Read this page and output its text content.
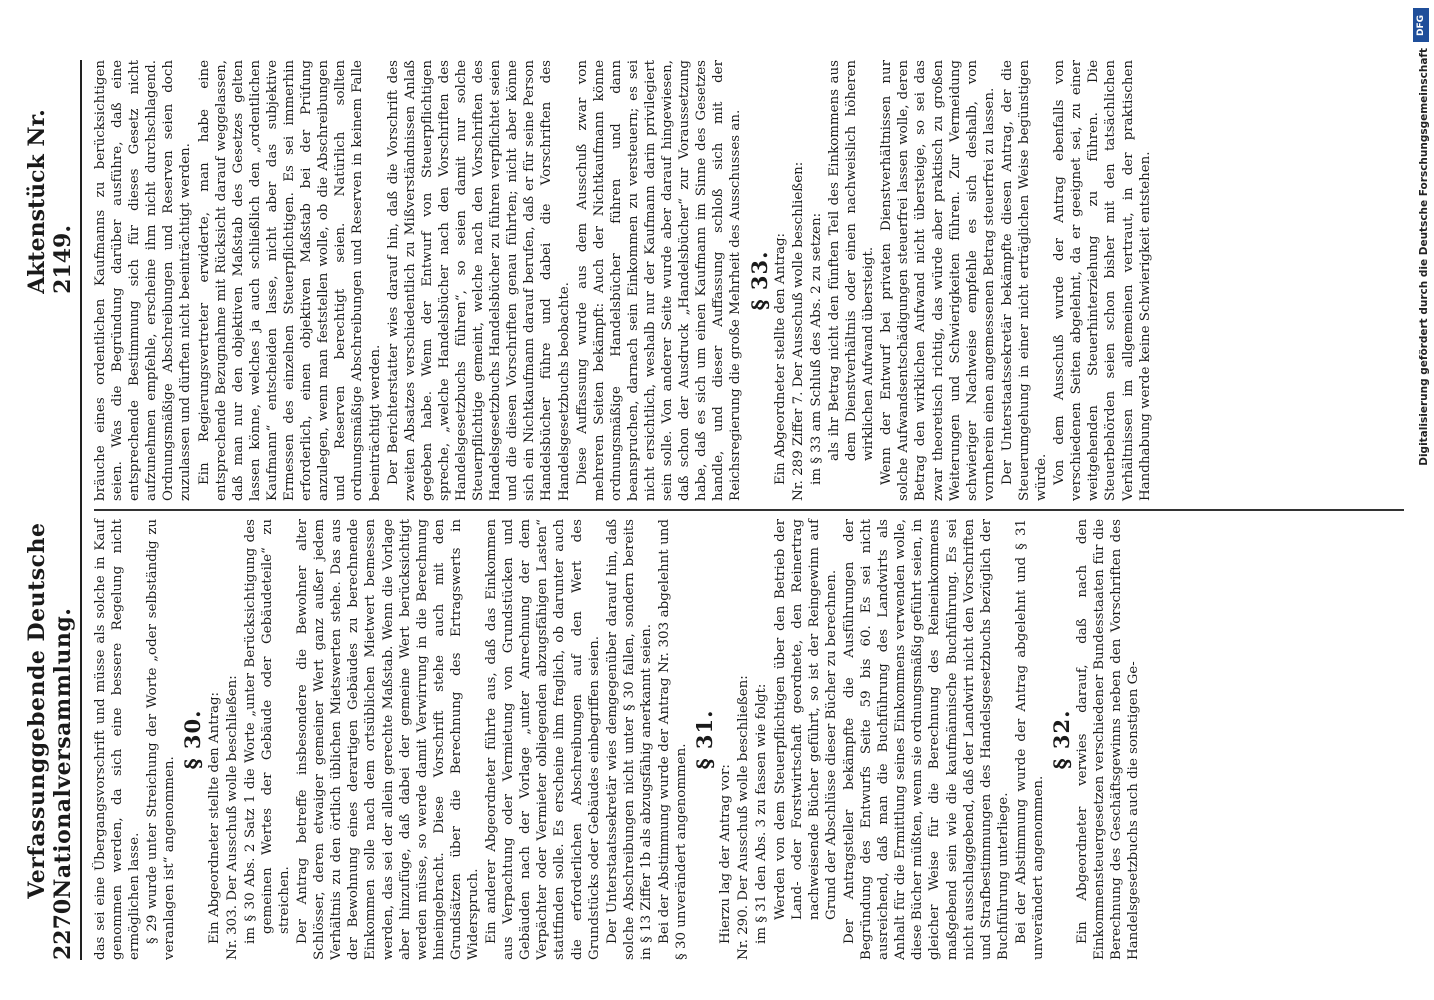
2270
Verfassunggebende Deutsche Nationalversammlung.
Aktenstück Nr. 2149.

das sei eine Übergangsvorschrift und müsse als solche in Kauf genommen werden, da sich eine bessere Regelung nicht ermöglichen lasse. § 29 wurde unter Streichung der Worte „oder selbständig zu veranlagen ist“ angenommen.

§ 30. Ein Abgeordneter stellte den Antrag: Nr. 303. Der Ausschuß wolle beschließen: im § 30 Abs. 2 Satz 1 die Worte „unter Berücksichtigung des gemeinen Wertes der Gebäude oder Gebäudeteile“ zu streichen. Der Antrag betreffe insbesondere die Bewohner alter Schlösser, deren etwaiger gemeiner Wert ganz außer jedem Verhältnis zu den örtlich üblichen Mietswerten stehe. Das aus der Bewohnung eines derartigen Gebäudes zu berechnende Einkommen solle nach dem ortsüblichen Mietwert bemessen werden, das sei der allein gerechte Maßstab. Wenn die Vorlage aber hinzufüge, daß dabei der gemeine Wert berücksichtigt werden müsse, so werde damit Verwirrung in die Berechnung hineingebracht. Diese Vorschrift stehe auch mit den Grundsätzen über die Berechnung des Ertragswerts in Widerspruch. Ein anderer Abgeordneter führte aus, daß das Einkommen aus Verpachtung oder Vermietung von Grundstücken und Gebäuden nach der Vorlage „unter Anrechnung der dem Verpächter oder Vermieter obliegenden abzugsfähigen Lasten“ stattfinden solle. Es erscheine ihm fraglich, ob darunter auch die erforderlichen Abschreibungen auf den Wert des Grundstücks oder Gebäudes einbegriffen seien. Der Unterstaatssekretär wies demgegenüber darauf hin, daß solche Abschreibungen nicht unter § 30 fallen, sondern bereits in § 13 Ziffer 1b als abzugsfähig anerkannt seien. Bei der Abstimmung wurde der Antrag Nr. 303 abgelehnt und § 30 unverändert angenommen.

§ 31.

Hierzu lag der Antrag vor: Nr. 290. Der Ausschuß wolle beschließen: im § 31 den Abs. 3 zu fassen wie folgt: Werden von dem Steuerpflichtigen über den Betrieb der Land- oder Forstwirtschaft geordnete, den Reinertrag nachweisende Bücher geführt, so ist der Reingewinn auf Grund der Abschlüsse dieser Bücher zu berechnen. Der Antragsteller bekämpfte die Ausführungen der Begründung des Entwurfs Seite 59 bis 60. Es sei nicht ausreichend, daß man die Buchführung des Landwirts als Anhalt für die Ermittlung seines Einkommens verwenden wolle, diese Bücher müßten, wenn sie ordnungsmäßig geführt seien, in gleicher Weise für die Berechnung des Reineinkommens maßgebend sein wie die kaufmännische Buchführung. Es sei nicht ausschlaggebend, daß der Landwirt nicht den Vorschriften und Strafbestimmungen des Handelsgesetzbuchs bezüglich der Buchführung unterliege. Bei der Abstimmung wurde der Antrag abgelehnt und § 31 unverändert angenommen.

§ 32. Ein Abgeordneter verwies darauf, daß nach den Einkommensteuergesetzen verschiedener Bundesstaaten für die Berechnung des Geschäftsgewinns neben den Vorschriften des Handelsgesetzbuchs auch die sonstigen Ge-

bräuche eines ordentlichen Kaufmanns zu berücksichtigen seien. Was die Begründung darüber ausführe, daß eine entsprechende Bestimmung sich für dieses Gesetz nicht aufzunehmen empfehle, erscheine ihm nicht durchschlagend. Ordnungsmäßige Abschreibungen und Reserven seien doch zuzulassen und dürften nicht beeinträchtigt werden. Ein Regierungsvertreter erwiderte, man habe eine entsprechende Bezugnahme mit Rücksicht darauf weggelassen, daß man nur den objektiven Maßstab des Gesetzes gelten lassen könne, welches ja auch schließlich den „ordentlichen Kaufmann“ entscheiden lasse, nicht aber das subjektive Ermessen des einzelnen Steuerpflichtigen. Es sei immerhin erforderlich, einen objektiven Maßstab bei der Prüfung anzulegen, wenn man feststellen wolle, ob die Abschreibungen und Reserven berechtigt seien. Natürlich sollten ordnungsmäßige Abschreibungen und Reserven in keinem Falle beeinträchtigt werden. Der Berichterstatter wies darauf hin, daß die Vorschrift des zweiten Absatzes verschiedentlich zu Mißverständnissen Anlaß gegeben habe. Wenn der Entwurf von Steuerpflichtigen spreche, „welche Handelsbücher nach den Vorschriften des Handelsgesetzbuchs führen“, so seien damit nur solche Steuerpflichtige gemeint, welche nach den Vorschriften des Handelsgesetzbuchs Handelsbücher zu führen verpflichtet seien und die diesen Vorschriften genau führten; nicht aber könne sich ein Nichtkaufmann darauf berufen, daß er für seine Person Handelsbücher führe und dabei die Vorschriften des Handelsgesetzbuchs beobachte. Diese Auffassung wurde aus dem Ausschuß zwar von mehreren Seiten bekämpft: Auch der Nichtkaufmann könne ordnungsmäßige Handelsbücher führen und dann beanspruchen, darnach sein Einkommen zu versteuern; es sei nicht ersichtlich, weshalb nur der Kaufmann darin privilegiert sein solle. Von anderer Seite wurde aber darauf hingewiesen, daß schon der Ausdruck „Handelsbücher“ zur Voraussetzung habe, daß es sich um einen Kaufmann im Sinne des Gesetzes handle, und dieser Auffassung schloß sich mit der Reichsregierung die große Mehrheit des Ausschusses an. § 33. Ein Abgeordneter stellte den Antrag: Nr. 289 Ziffer 7. Der Ausschuß wolle beschließen: im § 33 am Schluß des Abs. 2 zu setzen: als ihr Betrag nicht den fünften Teil des Einkommens aus dem Dienstverhältnis oder einen nachweislich höheren wirklichen Aufwand übersteigt. Wenn der Entwurf bei privaten Dienstverhältnissen nur solche Aufwandsentschädigungen steuerfrei lassen wolle, deren Betrag den wirklichen Aufwand nicht übersteige, so sei das zwar theoretisch richtig, das würde aber praktisch zu großen Weiterungen und Schwierigkeiten führen. Zur Vermeidung schwieriger Nachweise empfehle es sich deshalb, von vornherein einen angemessenen Betrag steuerfrei zu lassen. Der Unterstaatssekretär bekämpfte diesen Antrag, der die Steuerumgehung in einer nicht erträglichen Weise begünstigen würde. Von dem Ausschuß wurde der Antrag ebenfalls von verschiedenen Seiten abgelehnt, da er geeignet sei, zu einer weitgehenden Steuerhinterziehung zu führen. Die Steuerbehörden seien schon bisher mit den tatsächlichen Verhältnissen im allgemeinen vertraut, in der praktischen Handhabung werde keine Schwierigkeit entstehen.

DFG
Digitalisierung gefördert durch die Deutsche Forschungsgemeinschaft
